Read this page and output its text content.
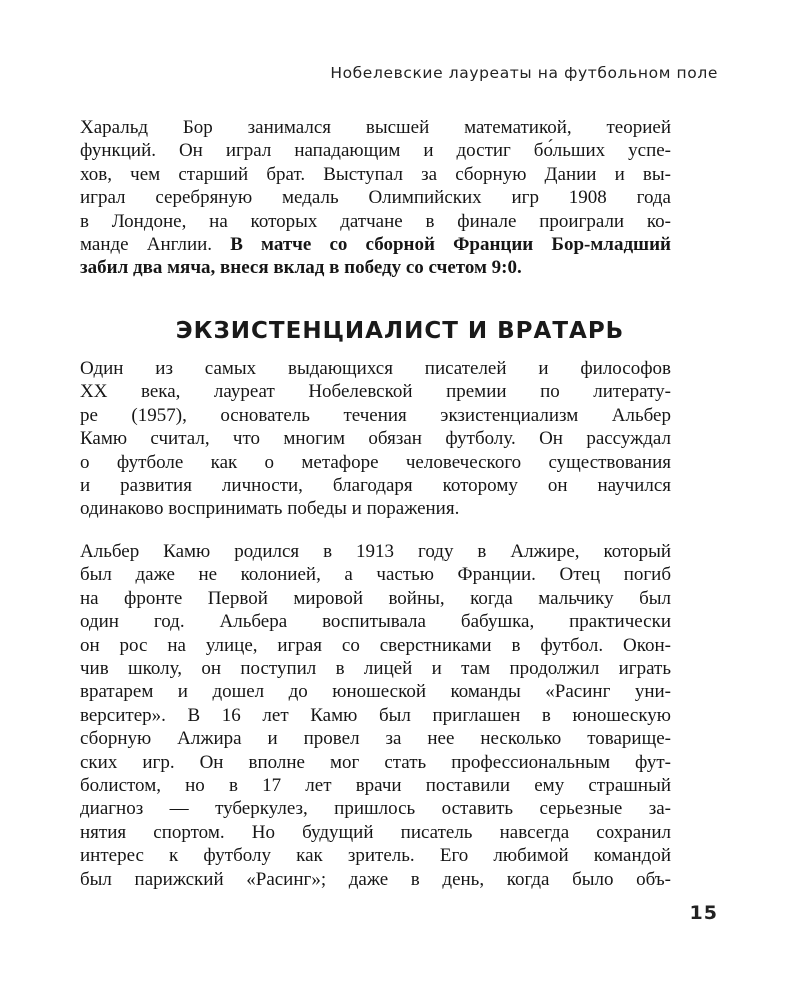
Нобелевские лауреаты на футбольном поле
Харальд Бор занимался высшей математикой, теорией
функций. Он играл нападающим и достиг бо́льших успе-
хов, чем старший брат. Выступал за сборную Дании и вы-
играл серебряную медаль Олимпийских игр 1908 года
в Лондоне, на которых датчане в финале проиграли ко-
манде Англии. В матче со сборной Франции Бор-младший
забил два мяча, внеся вклад в победу со счетом 9:0.
ЭКЗИСТЕНЦИАЛИСТ И ВРАТАРЬ
Один из самых выдающихся писателей и философов
XX века, лауреат Нобелевской премии по литерату-
ре (1957), основатель течения экзистенциализм Альбер
Камю считал, что многим обязан футболу. Он рассуждал
о футболе как о метафоре человеческого существования
и развития личности, благодаря которому он научился
одинаково воспринимать победы и поражения.
Альбер Камю родился в 1913 году в Алжире, который
был даже не колонией, а частью Франции. Отец погиб
на фронте Первой мировой войны, когда мальчику был
один год. Альбера воспитывала бабушка, практически
он рос на улице, играя со сверстниками в футбол. Окон-
чив школу, он поступил в лицей и там продолжил играть
вратарем и дошел до юношеской команды «Расинг уни-
верситер». В 16 лет Камю был приглашен в юношескую
сборную Алжира и провел за нее несколько товарище-
ских игр. Он вполне мог стать профессиональным фут-
болистом, но в 17 лет врачи поставили ему страшный
диагноз — туберкулез, пришлось оставить серьезные за-
нятия спортом. Но будущий писатель навсегда сохранил
интерес к футболу как зритель. Его любимой командой
был парижский «Расинг»; даже в день, когда было объ-
15
